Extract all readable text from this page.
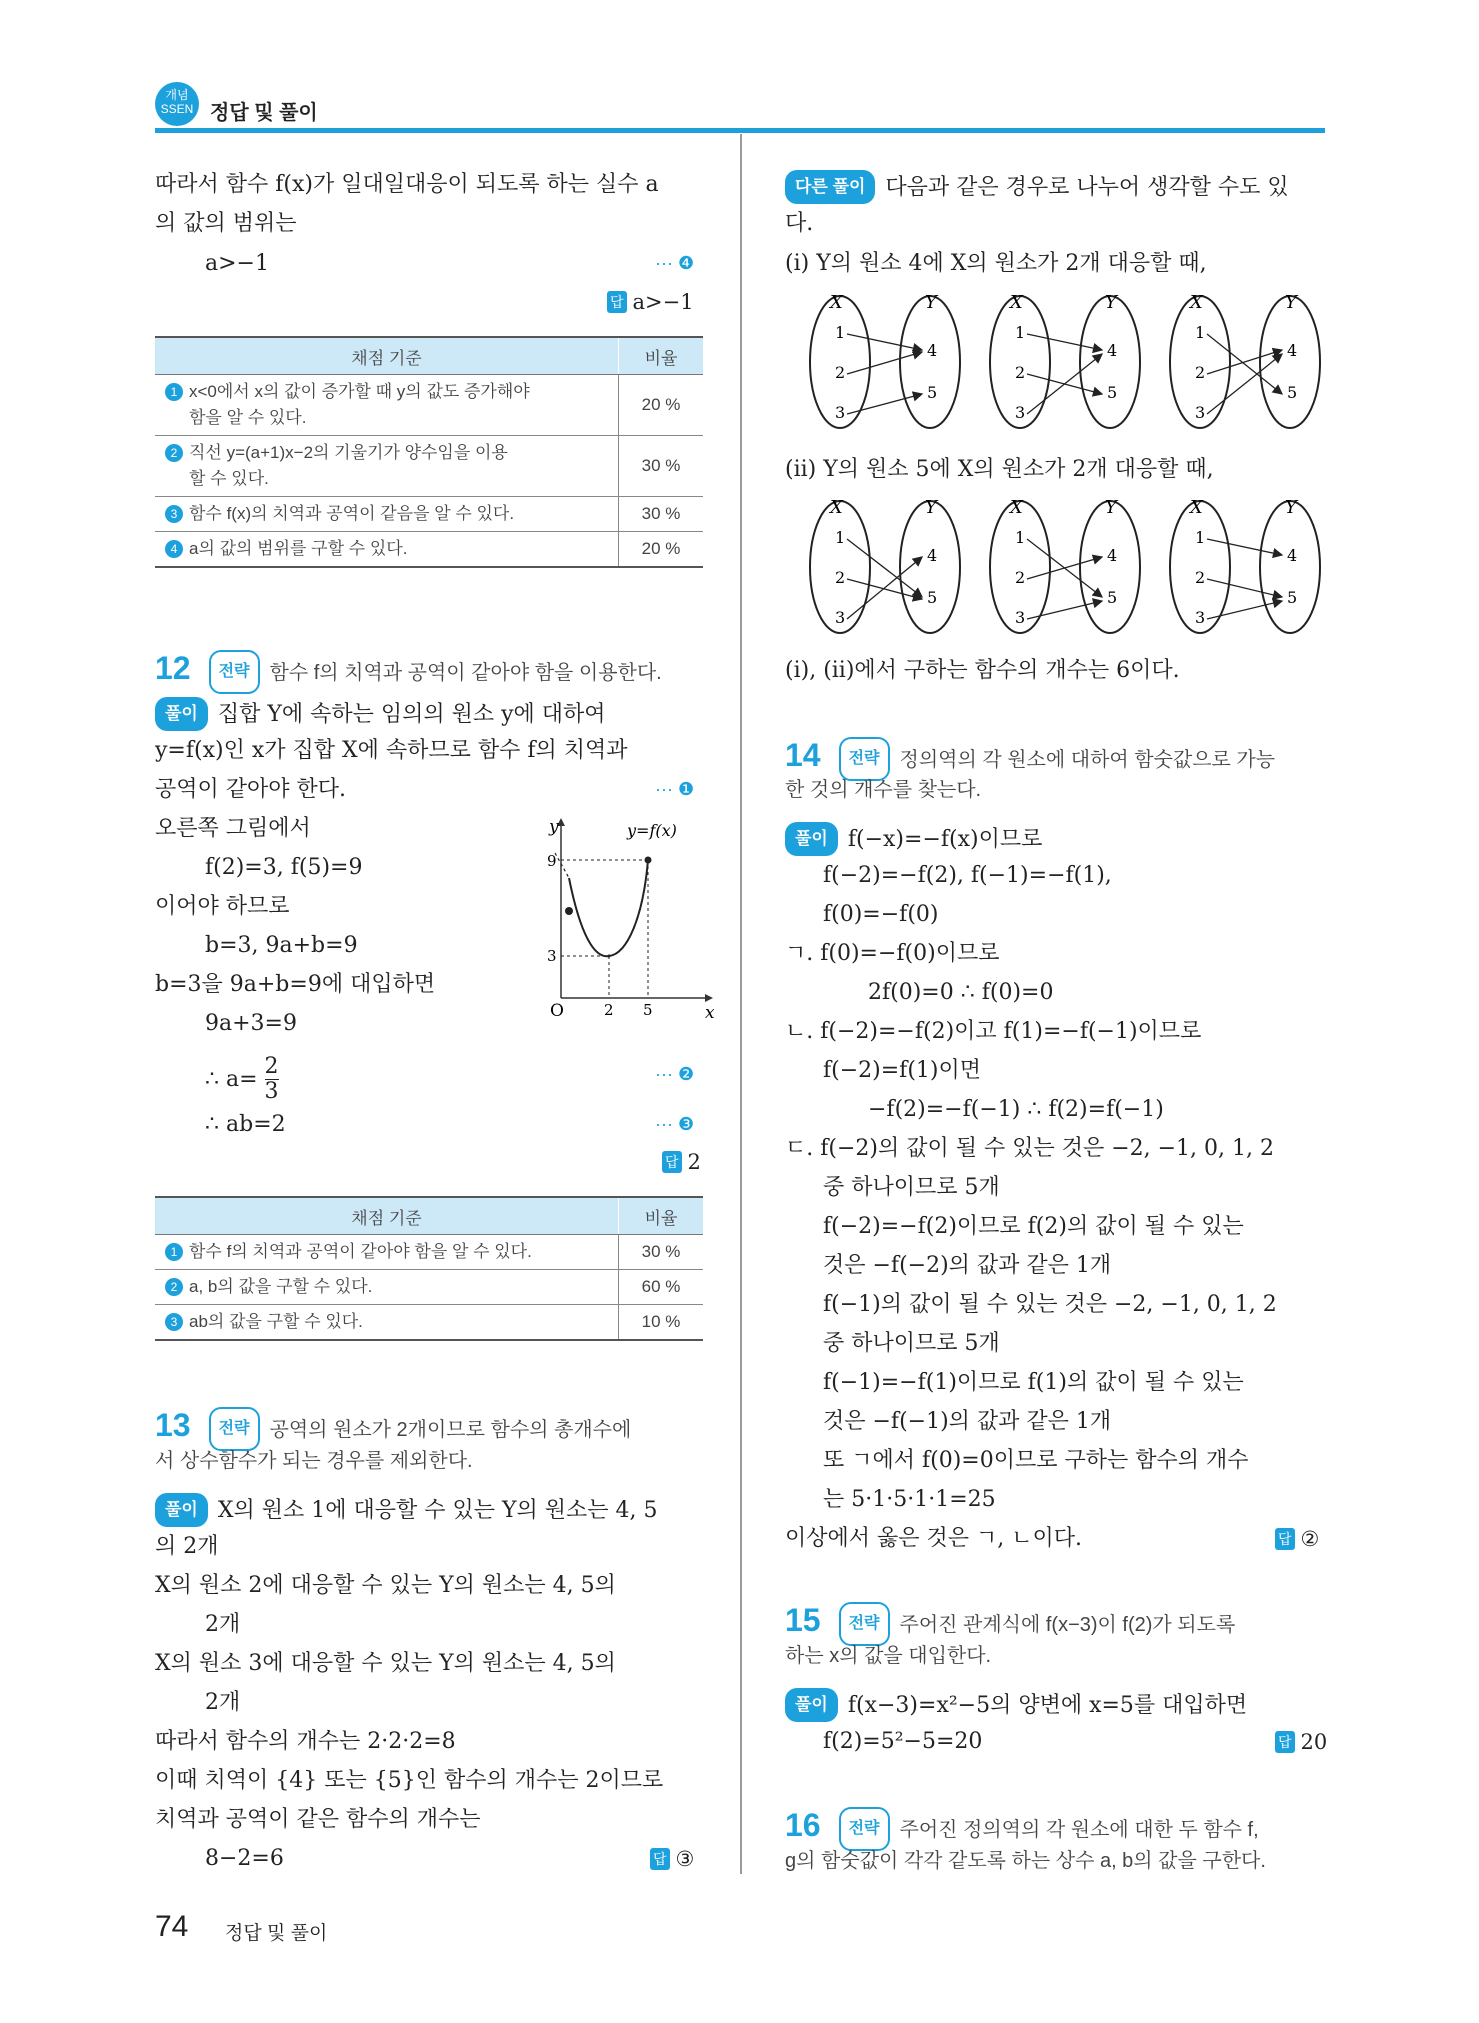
개념
SSEN 정답 및 풀이
따라서 함수 f(x)가 일대일대응이 되도록 하는 실수 a
의 값의 범위는
a>−1	··· ❹
답 a>−1
채점 기준	비율
1 x<0에서 x의 값이 증가할 때 y의 값도 증가해야
함을 알 수 있다.	20 %
2 직선 y=(a+1)x−2의 기울기가 양수임을 이용
할 수 있다.	30 %
3 함수 f(x)의 치역과 공역이 같음을 알 수 있다.	30 %
4 a의 값의 범위를 구할 수 있다.	20 %
12 전략 함수 f의 치역과 공역이 같아야 함을 이용한다.
풀이 집합 Y에 속하는 임의의 원소 y에 대하여
y=f(x)인 x가 집합 X에 속하므로 함수 f의 치역과
공역이 같아야 한다.	··· ❶
오른쪽 그림에서
f(2)=3, f(5)=9
이어야 하므로
b=3, 9a+b=9
b=3을 9a+b=9에 대입하면
9a+3=9
∴ $a= \frac{2}{3}$	··· ❷
∴ ab=2	··· ❸
답 2
y
x
O
y=f(x)
9
3
2 5
채점 기준	비율
1 함수 f의 치역과 공역이 같아야 함을 알 수 있다.	30 %
2 a, b의 값을 구할 수 있다.	60 %
3 ab의 값을 구할 수 있다.	10 %
13 전략 공역의 원소가 2개이므로 함수의 총개수에
서 상수함수가 되는 경우를 제외한다.
풀이 X의 원소 1에 대응할 수 있는 Y의 원소는 4, 5
의 2개
X의 원소 2에 대응할 수 있는 Y의 원소는 4, 5의
2개
X의 원소 3에 대응할 수 있는 Y의 원소는 4, 5의
2개
따라서 함수의 개수는 2·2·2=8
이때 치역이 {4} 또는 {5}인 함수의 개수는 2이므로
치역과 공역이 같은 함수의 개수는
8−2=6	답 ③
다른 풀이 다음과 같은 경우로 나누어 생각할 수도 있
다.
(i) Y의 원소 4에 X의 원소가 2개 대응할 때,
X	Y
1
2
3
4
5
X	Y
1
2
3
4
5
X	Y
1
2
3
4
5
(ii) Y의 원소 5에 X의 원소가 2개 대응할 때,
X	Y
1
2
3
4
5
X	Y
1
2
3
4
5
X	Y
1
2
3
4
5
(i), (ii)에서 구하는 함수의 개수는 6이다.
14 전략 정의역의 각 원소에 대하여 함숫값으로 가능
한 것의 개수를 찾는다.
풀이 f(−x)=−f(x)이므로
f(−2)=−f(2), f(−1)=−f(1),
f(0)=−f(0)
ㄱ. f(0)=−f(0)이므로
2f(0)=0 ∴ f(0)=0
ㄴ. f(−2)=−f(2)이고 f(1)=−f(−1)이므로
f(−2)=f(1)이면
−f(2)=−f(−1) ∴ f(2)=f(−1)
ㄷ. f(−2)의 값이 될 수 있는 것은 −2, −1, 0, 1, 2
중 하나이므로 5개
f(−2)=−f(2)이므로 f(2)의 값이 될 수 있는
것은 −f(−2)의 값과 같은 1개
f(−1)의 값이 될 수 있는 것은 −2, −1, 0, 1, 2
중 하나이므로 5개
f(−1)=−f(1)이므로 f(1)의 값이 될 수 있는
것은 −f(−1)의 값과 같은 1개
또 ㄱ에서 f(0)=0이므로 구하는 함수의 개수
는 5·1·5·1·1=25
이상에서 옳은 것은 ㄱ, ㄴ이다.	답 ②
15 전략 주어진 관계식에 f(x−3)이 f(2)가 되도록
하는 x의 값을 대입한다.
풀이 f(x−3)=x²−5의 양변에 x=5를 대입하면
f(2)=5²−5=20	답 20
16 전략 주어진 정의역의 각 원소에 대한 두 함수 f,
g의 함숫값이 각각 같도록 하는 상수 a, b의 값을 구한다.
74 정답 및 풀이
